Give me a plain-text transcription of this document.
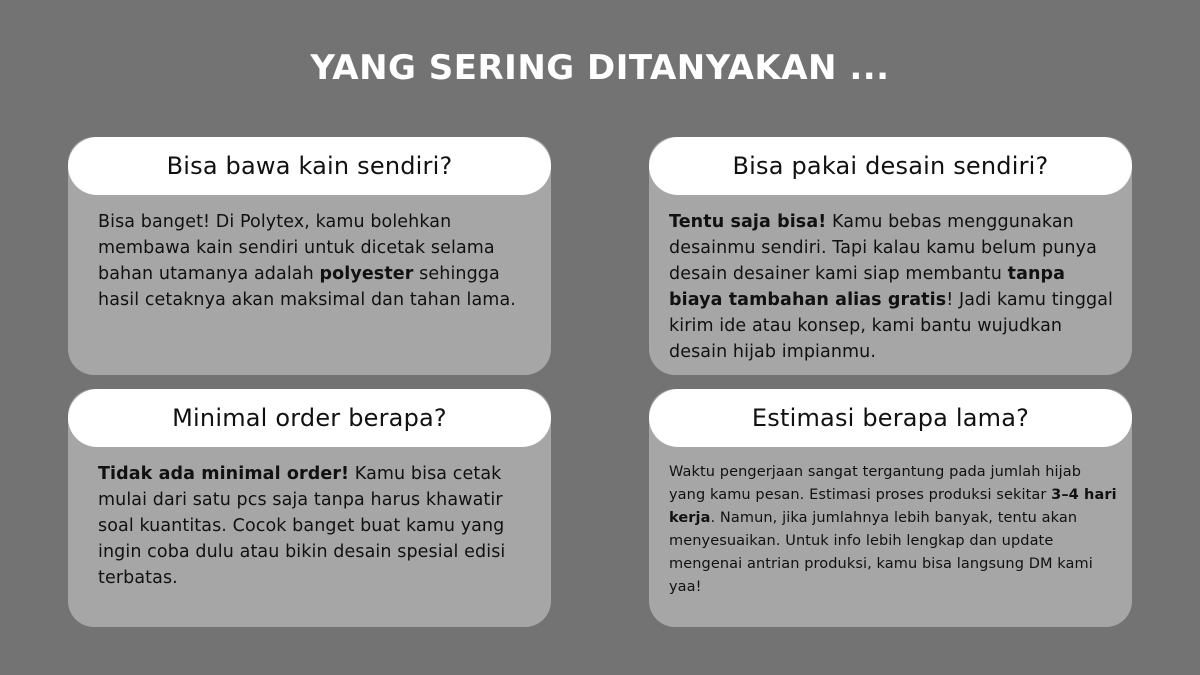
YANG SERING DITANYAKAN ...
Bisa bawa kain sendiri?
Bisa banget! Di Polytex, kamu bolehkan membawa kain sendiri untuk dicetak selama bahan utamanya adalah polyester sehingga hasil cetaknya akan maksimal dan tahan lama.
Bisa pakai desain sendiri?
Tentu saja bisa! Kamu bebas menggunakan desainmu sendiri. Tapi kalau kamu belum punya desain desainer kami siap membantu tanpa biaya tambahan alias gratis! Jadi kamu tinggal kirim ide atau konsep, kami bantu wujudkan desain hijab impianmu.
Minimal order berapa?
Tidak ada minimal order! Kamu bisa cetak mulai dari satu pcs saja tanpa harus khawatir soal kuantitas. Cocok banget buat kamu yang ingin coba dulu atau bikin desain spesial edisi terbatas.
Estimasi berapa lama?
Waktu pengerjaan sangat tergantung pada jumlah hijab yang kamu pesan. Estimasi proses produksi sekitar 3–4 hari kerja. Namun, jika jumlahnya lebih banyak, tentu akan menyesuaikan. Untuk info lebih lengkap dan update mengenai antrian produksi, kamu bisa langsung DM kami yaa!
